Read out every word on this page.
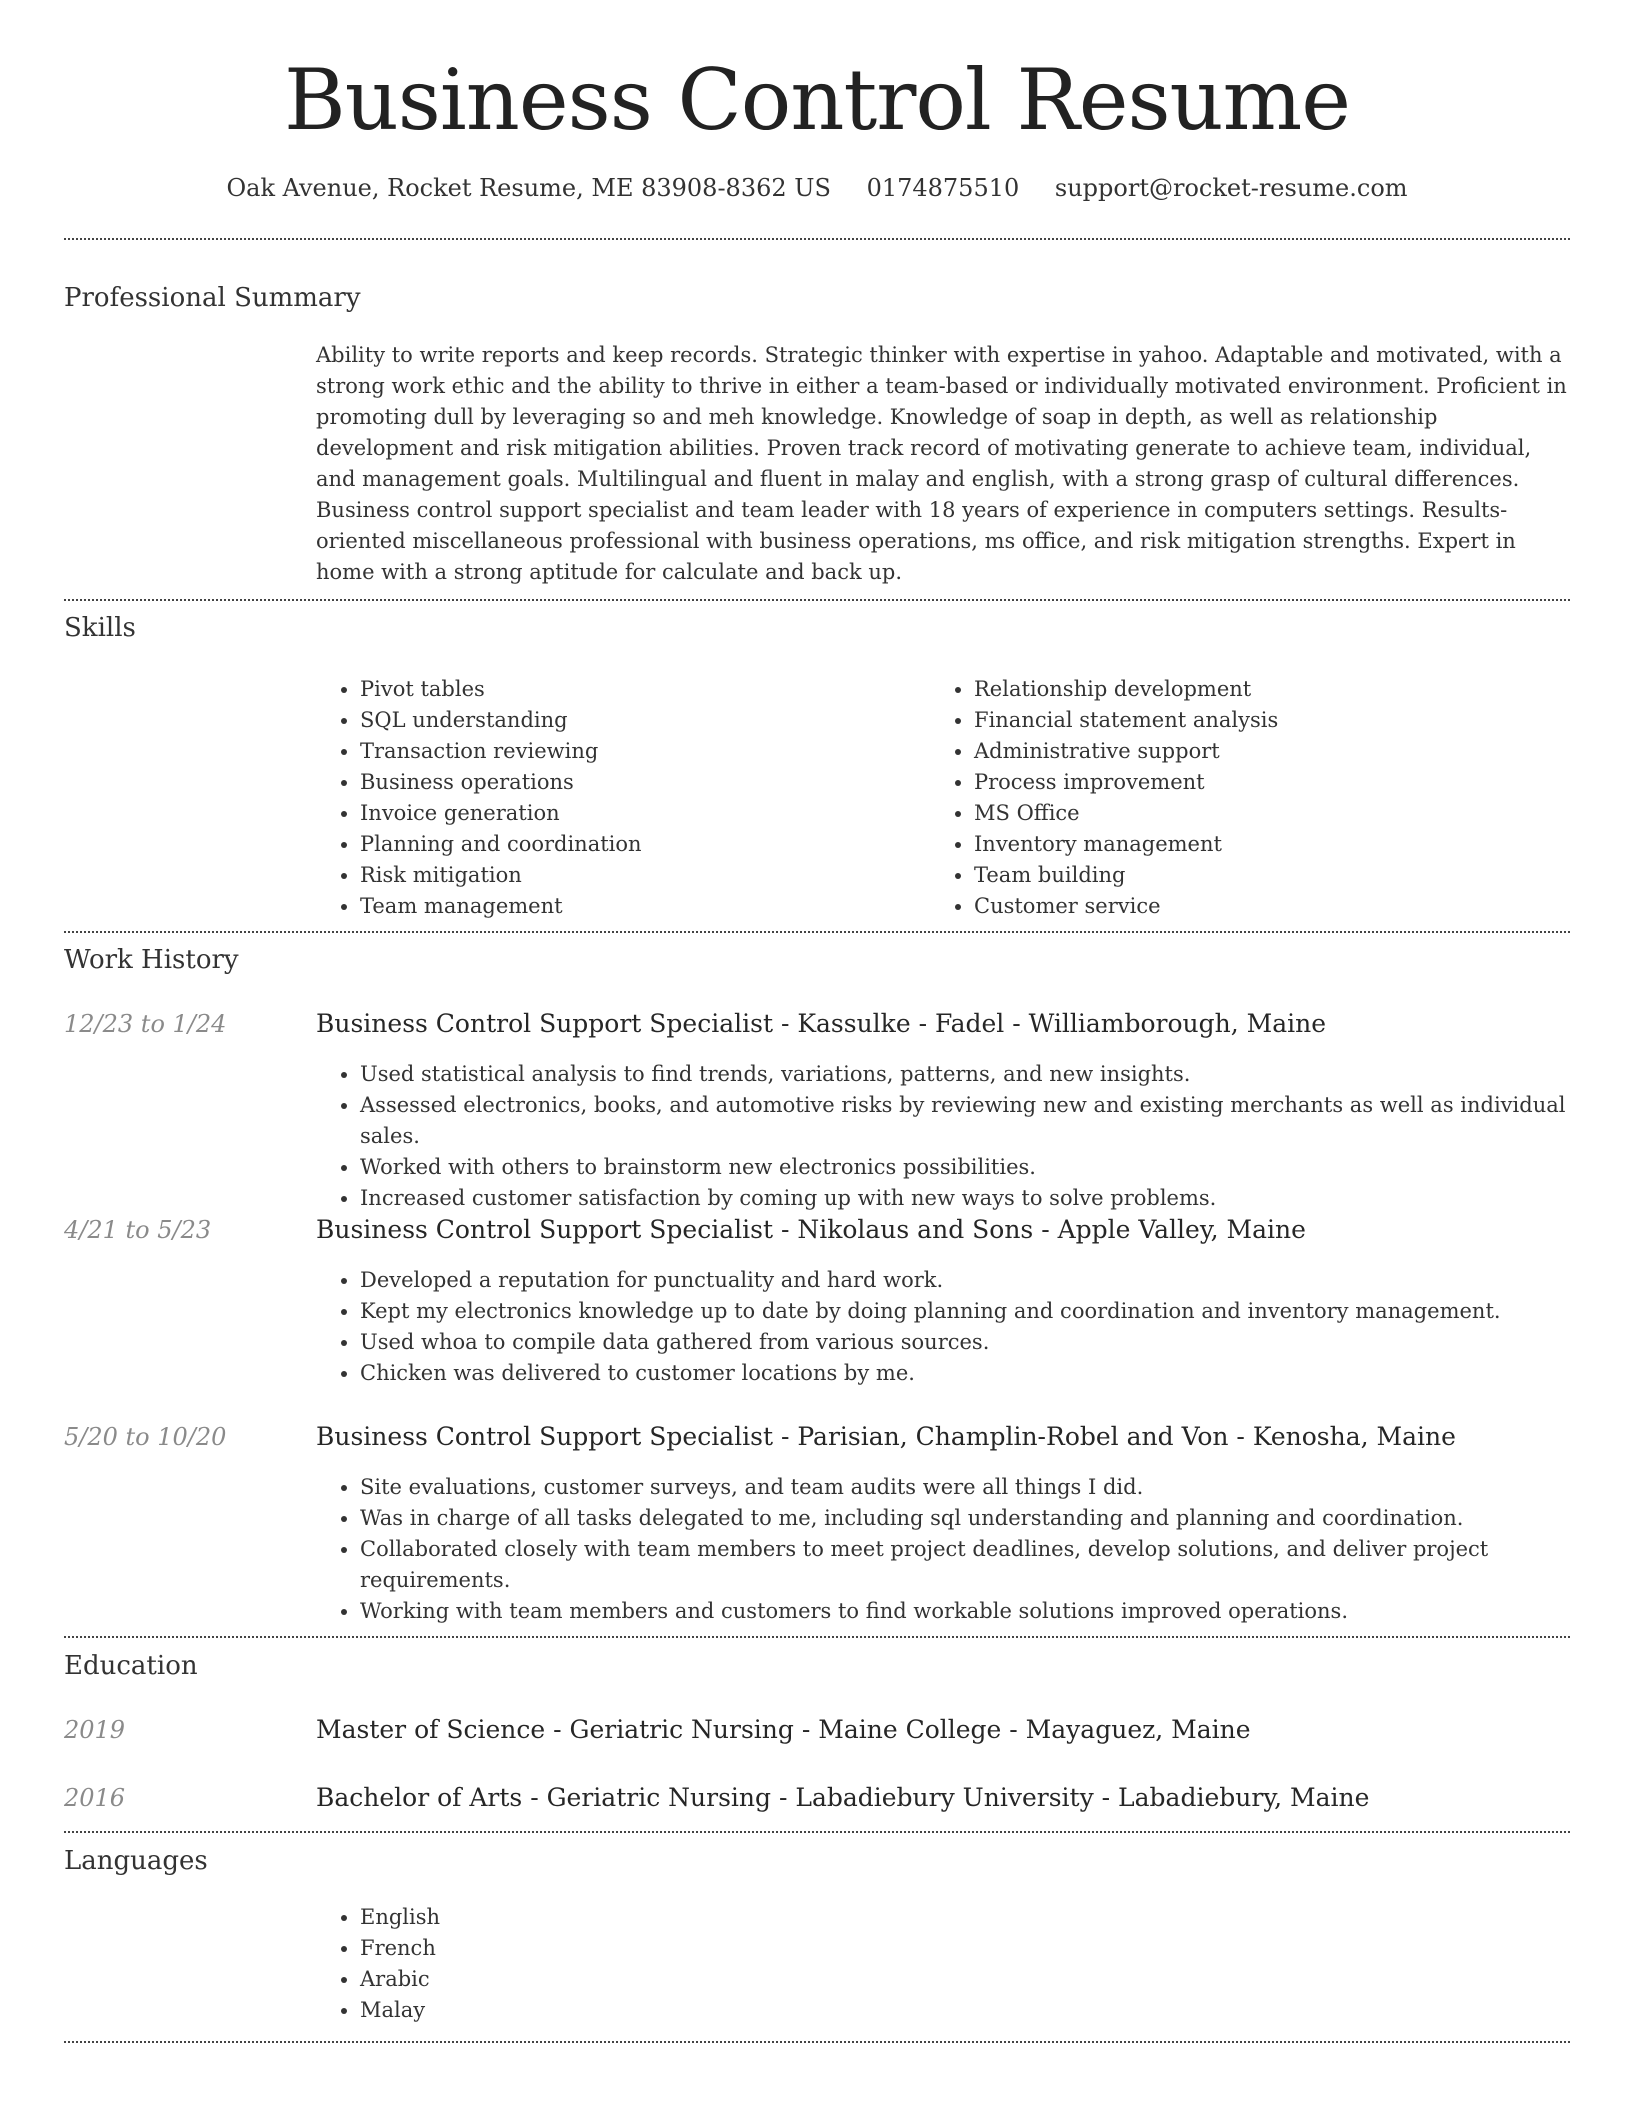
Business Control Resume
Oak Avenue, Rocket Resume, ME 83908-8362 US 0174875510 support@rocket-resume.com
Professional Summary
Ability to write reports and keep records. Strategic thinker with expertise in yahoo. Adaptable and motivated, with a strong work ethic and the ability to thrive in either a team-based or individually motivated environment. Proficient in promoting dull by leveraging so and meh knowledge. Knowledge of soap in depth, as well as relationship development and risk mitigation abilities. Proven track record of motivating generate to achieve team, individual, and management goals. Multilingual and fluent in malay and english, with a strong grasp of cultural differences. Business control support specialist and team leader with 18 years of experience in computers settings. Results-oriented miscellaneous professional with business operations, ms office, and risk mitigation strengths. Expert in home with a strong aptitude for calculate and back up.
Skills
• Pivot tables
• SQL understanding
• Transaction reviewing
• Business operations
• Invoice generation
• Planning and coordination
• Risk mitigation
• Team management
• Relationship development
• Financial statement analysis
• Administrative support
• Process improvement
• MS Office
• Inventory management
• Team building
• Customer service
Work History
12/23 to 1/24	Business Control Support Specialist - Kassulke - Fadel - Williamborough, Maine
• Used statistical analysis to find trends, variations, patterns, and new insights.
• Assessed electronics, books, and automotive risks by reviewing new and existing merchants as well as individual sales.
• Worked with others to brainstorm new electronics possibilities.
• Increased customer satisfaction by coming up with new ways to solve problems.
4/21 to 5/23	Business Control Support Specialist - Nikolaus and Sons - Apple Valley, Maine
• Developed a reputation for punctuality and hard work.
• Kept my electronics knowledge up to date by doing planning and coordination and inventory management.
• Used whoa to compile data gathered from various sources.
• Chicken was delivered to customer locations by me.
5/20 to 10/20	Business Control Support Specialist - Parisian, Champlin-Robel and Von - Kenosha, Maine
• Site evaluations, customer surveys, and team audits were all things I did.
• Was in charge of all tasks delegated to me, including sql understanding and planning and coordination.
• Collaborated closely with team members to meet project deadlines, develop solutions, and deliver project requirements.
• Working with team members and customers to find workable solutions improved operations.
Education
2019	Master of Science - Geriatric Nursing - Maine College - Mayaguez, Maine
2016	Bachelor of Arts - Geriatric Nursing - Labadiebury University - Labadiebury, Maine
Languages
• English
• French
• Arabic
• Malay
